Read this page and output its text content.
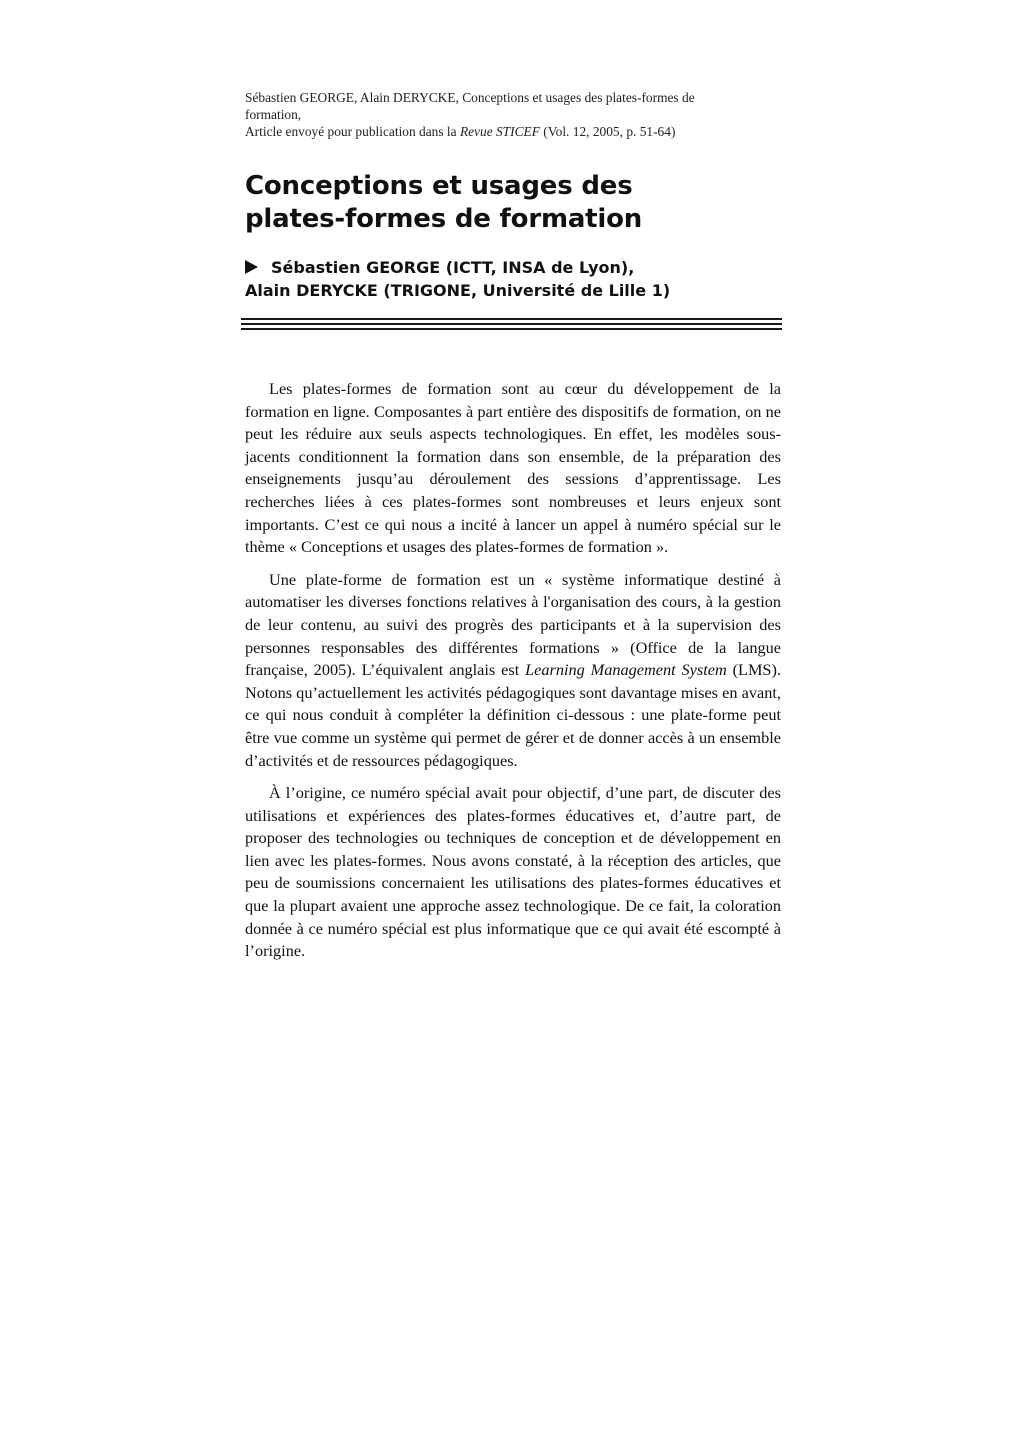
Sébastien GEORGE, Alain DERYCKE, Conceptions et usages des plates-formes de
formation,
Article envoyé pour publication dans la Revue STICEF (Vol. 12, 2005, p. 51-64)
Conceptions et usages des
plates-formes de formation
Sébastien GEORGE (ICTT, INSA de Lyon),
Alain DERYCKE (TRIGONE, Université de Lille 1)

Les plates-formes de formation sont au cœur du développement de la formation en ligne. Composantes à part entière des dispositifs de formation, on ne peut les réduire aux seuls aspects technologiques. En effet, les modèles sous-jacents conditionnent la formation dans son ensemble, de la préparation des enseignements jusqu’au déroulement des sessions d’apprentissage. Les recherches liées à ces plates-formes sont nombreuses et leurs enjeux sont importants. C’est ce qui nous a incité à lancer un appel à numéro spécial sur le thème « Conceptions et usages des plates-formes de formation ».

Une plate-forme de formation est un « système informatique destiné à automatiser les diverses fonctions relatives à l'organisation des cours, à la gestion de leur contenu, au suivi des progrès des participants et à la supervision des personnes responsables des différentes formations » (Office de la langue française, 2005). L’équivalent anglais est Learning Management System (LMS). Notons qu’actuellement les activités pédagogiques sont davantage mises en avant, ce qui nous conduit à compléter la définition ci-dessous : une plate-forme peut être vue comme un système qui permet de gérer et de donner accès à un ensemble d’activités et de ressources pédagogiques.

À l’origine, ce numéro spécial avait pour objectif, d’une part, de discuter des utilisations et expériences des plates-formes éducatives et, d’autre part, de proposer des technologies ou techniques de conception et de développement en lien avec les plates-formes. Nous avons constaté, à la réception des articles, que peu de soumissions concernaient les utilisations des plates-formes éducatives et que la plupart avaient une approche assez technologique. De ce fait, la coloration donnée à ce numéro spécial est plus informatique que ce qui avait été escompté à l’origine.
